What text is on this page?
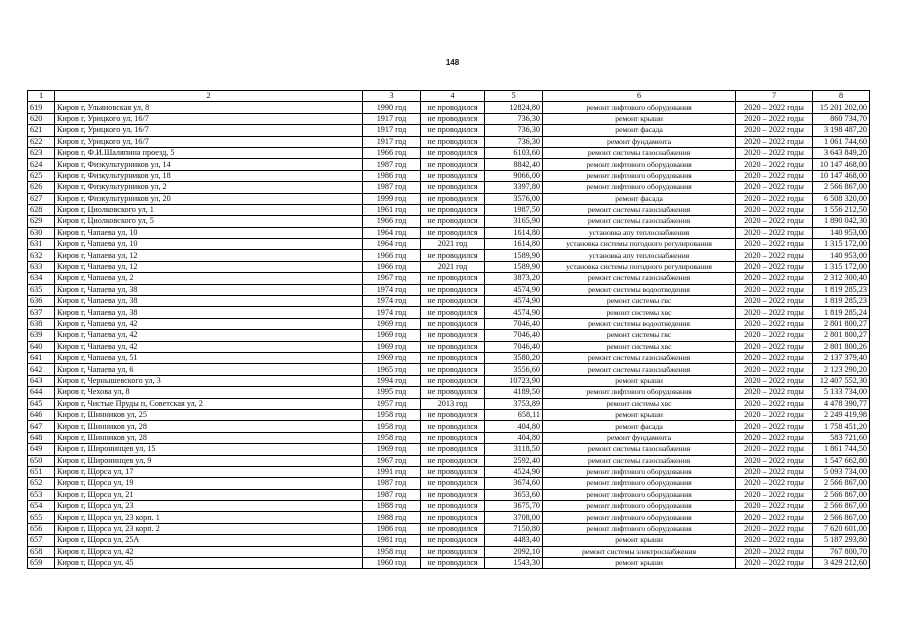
148
1	2	3	4	5	6	7	8
619	Киров г, Ульяновская ул, 8	1990 год	не проводился	12824,80	ремонт лифтового оборудования	2020 – 2022 годы	15 201 202,00
620	Киров г, Урицкого ул, 16/7	1917 год	не проводился	736,30	ремонт крыши	2020 – 2022 годы	860 734,70
621	Киров г, Урицкого ул, 16/7	1917 год	не проводился	736,30	ремонт фасада	2020 – 2022 годы	3 198 487,20
622	Киров г, Урицкого ул, 16/7	1917 год	не проводился	736,30	ремонт фундамента	2020 – 2022 годы	1 061 744,60
623	Киров г, Ф.И.Шаляпина проезд, 5	1966 год	не проводился	6103,60	ремонт системы газоснабжения	2020 – 2022 годы	3 643 849,20
624	Киров г, Физкультурников ул, 14	1987 год	не проводился	8842,40	ремонт лифтового оборудования	2020 – 2022 годы	10 147 468,00
625	Киров г, Физкультурников ул, 18	1986 год	не проводился	9066,00	ремонт лифтового оборудования	2020 – 2022 годы	10 147 468,00
626	Киров г, Физкультурников ул, 2	1987 год	не проводился	3397,80	ремонт лифтового оборудования	2020 – 2022 годы	2 566 867,00
627	Киров г, Физкультурников ул, 20	1999 год	не проводился	3576,00	ремонт фасада	2020 – 2022 годы	6 508 320,00
628	Киров г, Циолковского ул, 1	1961 год	не проводился	1987,50	ремонт системы газоснабжения	2020 – 2022 годы	1 556 212,50
629	Киров г, Циолковского ул, 5	1966 год	не проводился	3165,90	ремонт системы газоснабжения	2020 – 2022 годы	1 890 042,30
630	Киров г, Чапаева ул, 10	1964 год	не проводился	1614,80	установка апу теплоснабжения	2020 – 2022 годы	140 953,00
631	Киров г, Чапаева ул, 10	1964 год	2021 год	1614,80	установка системы погодного регулирования	2020 – 2022 годы	1 315 172,00
632	Киров г, Чапаева ул, 12	1966 год	не проводился	1589,90	установка апу теплоснабжения	2020 – 2022 годы	140 953,00
633	Киров г, Чапаева ул, 12	1966 год	2021 год	1589,90	установка системы погодного регулирования	2020 – 2022 годы	1 315 172,00
634	Киров г, Чапаева ул, 2	1967 год	не проводился	3873,20	ремонт системы газоснабжения	2020 – 2022 годы	2 312 300,40
635	Киров г, Чапаева ул, 38	1974 год	не проводился	4574,90	ремонт системы водоотведения	2020 – 2022 годы	1 819 285,23
636	Киров г, Чапаева ул, 38	1974 год	не проводился	4574,90	ремонт системы гвс	2020 – 2022 годы	1 819 285,23
637	Киров г, Чапаева ул, 38	1974 год	не проводился	4574,90	ремонт системы хвс	2020 – 2022 годы	1 819 285,24
638	Киров г, Чапаева ул, 42	1969 год	не проводился	7046,40	ремонт системы водоотведения	2020 – 2022 годы	2 801 800,27
639	Киров г, Чапаева ул, 42	1969 год	не проводился	7046,40	ремонт системы гвс	2020 – 2022 годы	2 801 800,27
640	Киров г, Чапаева ул, 42	1969 год	не проводился	7046,40	ремонт системы хвс	2020 – 2022 годы	2 801 800,26
641	Киров г, Чапаева ул, 51	1969 год	не проводился	3580,20	ремонт системы газоснабжения	2020 – 2022 годы	2 137 379,40
642	Киров г, Чапаева ул, 6	1965 год	не проводился	3556,60	ремонт системы газоснабжения	2020 – 2022 годы	2 123 290,20
643	Киров г, Чернышевского ул, 3	1994 год	не проводился	10723,90	ремонт крыши	2020 – 2022 годы	12 407 552,30
644	Киров г, Чехова ул, 8	1995 год	не проводился	4189,50	ремонт лифтового оборудования	2020 – 2022 годы	5 133 734,00
645	Киров г, Чистые Пруды п, Советская ул, 2	1957 год	2013 год	3753,89	ремонт системы хвс	2020 – 2022 годы	4 478 390,77
646	Киров г, Шинников ул, 25	1958 год	не проводился	658,11	ремонт крыши	2020 – 2022 годы	2 249 419,98
647	Киров г, Шинников ул, 28	1958 год	не проводился	404,80	ремонт фасада	2020 – 2022 годы	1 758 451,20
648	Киров г, Шинников ул, 28	1958 год	не проводился	404,80	ремонт фундамента	2020 – 2022 годы	583 721,60
649	Киров г, Широнинцев ул, 15	1969 год	не проводился	3118,50	ремонт системы газоснабжения	2020 – 2022 годы	1 861 744,50
650	Киров г, Широнинцев ул, 9	1967 год	не проводился	2592,40	ремонт системы газоснабжения	2020 – 2022 годы	1 547 662,80
651	Киров г, Щорса ул, 17	1991 год	не проводился	4524,90	ремонт лифтового оборудования	2020 – 2022 годы	5 093 734,00
652	Киров г, Щорса ул, 19	1987 год	не проводился	3674,60	ремонт лифтового оборудования	2020 – 2022 годы	2 566 867,00
653	Киров г, Щорса ул, 21	1987 год	не проводился	3653,60	ремонт лифтового оборудования	2020 – 2022 годы	2 566 867,00
654	Киров г, Щорса ул, 23	1988 год	не проводился	3675,70	ремонт лифтового оборудования	2020 – 2022 годы	2 566 867,00
655	Киров г, Щорса ул, 23 корп. 1	1988 год	не проводился	3708,00	ремонт лифтового оборудования	2020 – 2022 годы	2 566 867,00
656	Киров г, Щорса ул, 23 корп. 2	1986 год	не проводился	7150,80	ремонт лифтового оборудования	2020 – 2022 годы	7 620 601,00
657	Киров г, Щорса ул, 25А	1981 год	не проводился	4483,40	ремонт крыши	2020 – 2022 годы	5 187 293,80
658	Киров г, Щорса ул, 42	1958 год	не проводился	2092,10	ремонт системы электроснабжения	2020 – 2022 годы	767 800,70
659	Киров г, Щорса ул, 45	1960 год	не проводился	1543,30	ремонт крыши	2020 – 2022 годы	3 429 212,60
